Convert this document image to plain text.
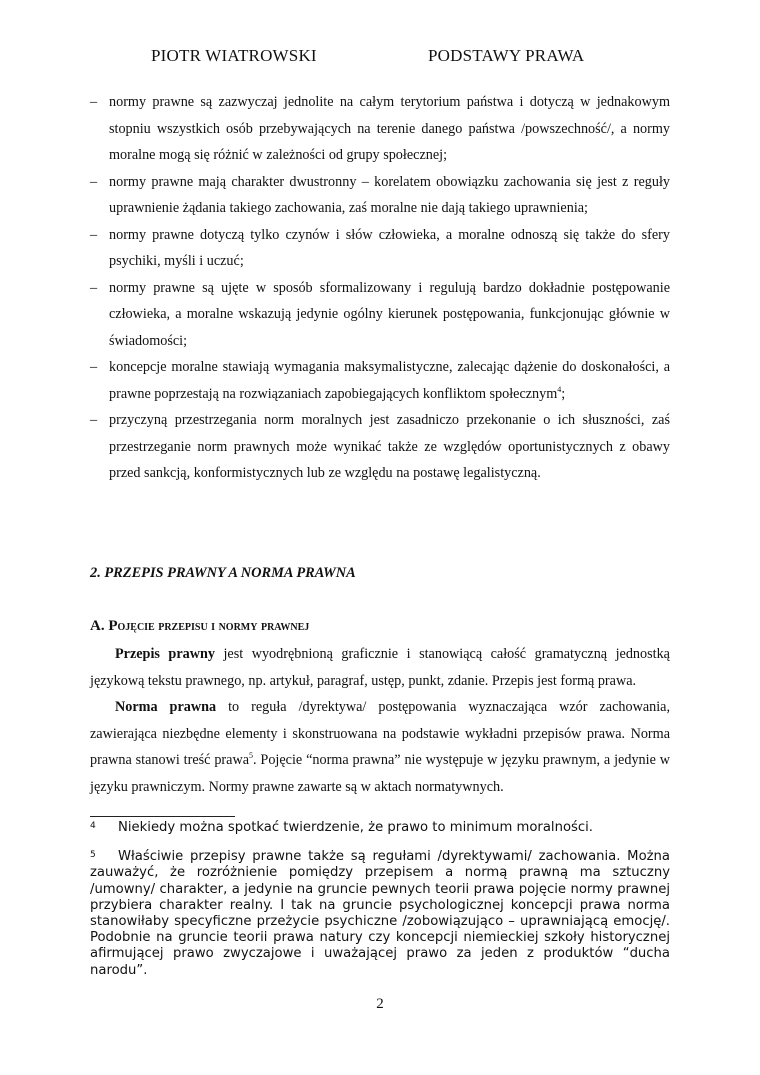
PIOTR WIATROWSKI	PODSTAWY PRAWA
– normy prawne są zazwyczaj jednolite na całym terytorium państwa i dotyczą w jednakowym stopniu wszystkich osób przebywających na terenie danego państwa /powszechność/, a normy moralne mogą się różnić w zależności od grupy społecznej;
– normy prawne mają charakter dwustronny – korelatem obowiązku zachowania się jest z reguły uprawnienie żądania takiego zachowania, zaś moralne nie dają takiego uprawnienia;
– normy prawne dotyczą tylko czynów i słów człowieka, a moralne odnoszą się także do sfery psychiki, myśli i uczuć;
– normy prawne są ujęte w sposób sformalizowany i regulują bardzo dokładnie postępowanie człowieka, a moralne wskazują jedynie ogólny kierunek postępowania, funkcjonując głównie w świadomości;
– koncepcje moralne stawiają wymagania maksymalistyczne, zalecając dążenie do doskonałości, a prawne poprzestają na rozwiązaniach zapobiegających konfliktom społecznym$^4$;
– przyczyną przestrzegania norm moralnych jest zasadniczo przekonanie o ich słuszności, zaś przestrzeganie norm prawnych może wynikać także ze względów oportunistycznych z obawy przed sankcją, konformistycznych lub ze względu na postawę legalistyczną.
2. PRZEPIS PRAWNY A NORMA PRAWNA
A. Pojęcie przepisu i normy prawnej

Przepis prawny jest wyodrębnioną graficznie i stanowiącą całość gramatyczną jednostką językową tekstu prawnego, np. artykuł, paragraf, ustęp, punkt, zdanie. Przepis jest formą prawa.

Norma prawna to reguła /dyrektywa/ postępowania wyznaczająca wzór zachowania, zawierająca niezbędne elementy i skonstruowana na podstawie wykładni przepisów prawa. Norma prawna stanowi treść prawa$^5$. Pojęcie “norma prawna” nie występuje w języku prawnym, a jedynie w języku prawniczym. Normy prawne zawarte są w aktach normatywnych.

4 Niekiedy można spotkać twierdzenie, że prawo to minimum moralności.

5 Właściwie przepisy prawne także są regułami /dyrektywami/ zachowania. Można zauważyć, że rozróżnienie pomiędzy przepisem a normą prawną ma sztuczny /umowny/ charakter, a jedynie na gruncie pewnych teorii prawa pojęcie normy prawnej przybiera charakter realny. I tak na gruncie psychologicznej koncepcji prawa norma stanowiłaby specyficzne przeżycie psychiczne /zobowiązująco – uprawniającą emocję/. Podobnie na gruncie teorii prawa natury czy koncepcji niemieckiej szkoły historycznej afirmującej prawo zwyczajowe i uważającej prawo za jeden z produktów “ducha narodu”.

2
